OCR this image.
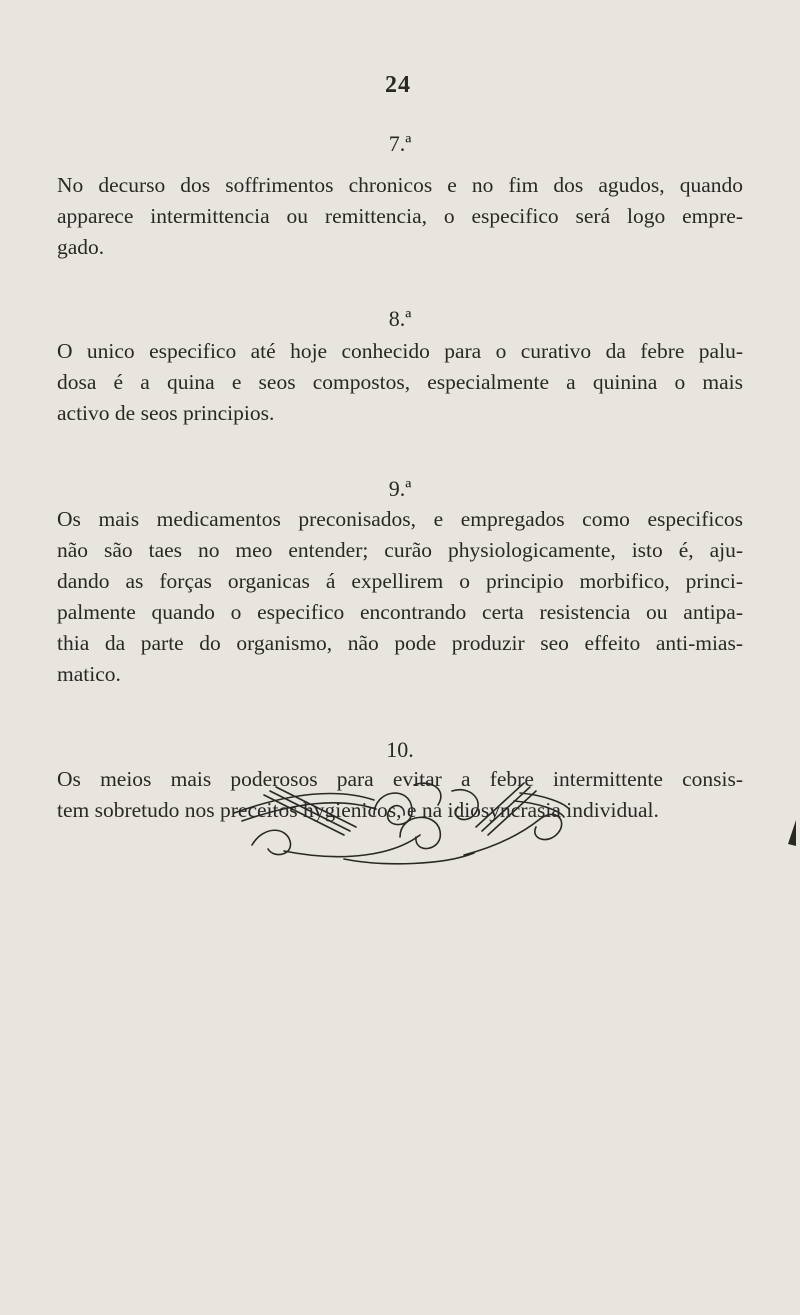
24
7.ª

No decurso dos soffrimentos chronicos e no fim dos agudos, quando
apparece intermittencia ou remittencia, o especifico será logo empre-
gado.

8.ª

O unico especifico até hoje conhecido para o curativo da febre palu-
dosa é a quina e seos compostos, especialmente a quinina o mais
activo de seos principios.

9.ª

Os mais medicamentos preconisados, e empregados como especificos
não são taes no meo entender; curão physiologicamente, isto é, aju-
dando as forças organicas á expellirem o principio morbifico, princi-
palmente quando o especifico encontrando certa resistencia ou antipa-
thia da parte do organismo, não pode produzir seo effeito anti-mias-
matico.

10.

Os meios mais poderosos para evitar a febre intermittente consis-
tem sobretudo nos preceitos hygienicos, e na idiosyncrasia individual.
